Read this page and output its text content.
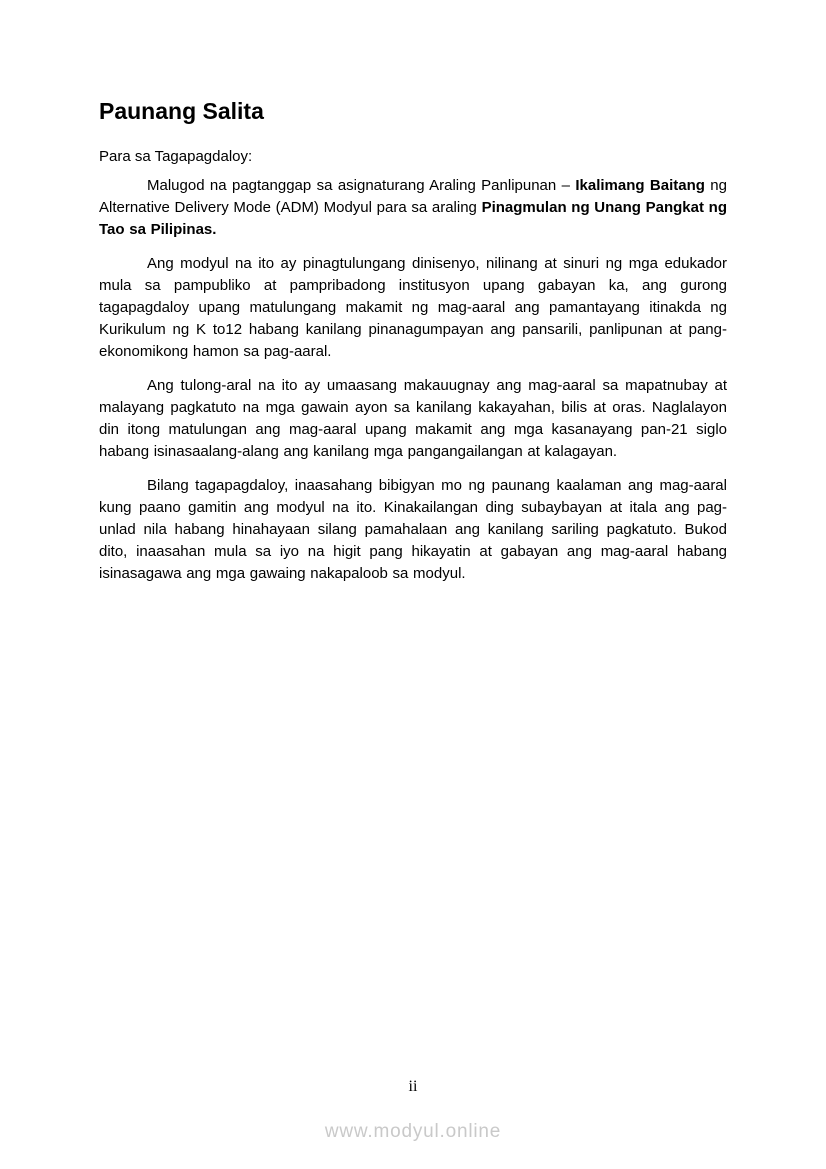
Paunang Salita

Para sa Tagapagdaloy:

Malugod na pagtanggap sa asignaturang Araling Panlipunan – Ikalimang Baitang ng Alternative Delivery Mode (ADM) Modyul para sa araling Pinagmulan ng Unang Pangkat ng Tao sa Pilipinas.

Ang modyul na ito ay pinagtulungang dinisenyo, nilinang at sinuri ng mga edukador mula sa pampubliko at pampribadong institusyon upang gabayan ka, ang gurong tagapagdaloy upang matulungang makamit ng mag-aaral ang pamantayang itinakda ng Kurikulum ng K to12 habang kanilang pinanagumpayan ang pansarili, panlipunan at pang-ekonomikong hamon sa pag-aaral.

Ang tulong-aral na ito ay umaasang makauugnay ang mag-aaral sa mapatnubay at malayang pagkatuto na mga gawain ayon sa kanilang kakayahan, bilis at oras. Naglalayon din itong matulungan ang mag-aaral upang makamit ang mga kasanayang pan-21 siglo habang isinasaalang-alang ang kanilang mga pangangailangan at kalagayan.

Bilang tagapagdaloy, inaasahang bibigyan mo ng paunang kaalaman ang mag-aaral kung paano gamitin ang modyul na ito. Kinakailangan ding subaybayan at itala ang pag-unlad nila habang hinahayaan silang pamahalaan ang kanilang sariling pagkatuto. Bukod dito, inaasahan mula sa iyo na higit pang hikayatin at gabayan ang mag-aaral habang isinasagawa ang mga gawaing nakapaloob sa modyul.

ii
www.modyul.online
